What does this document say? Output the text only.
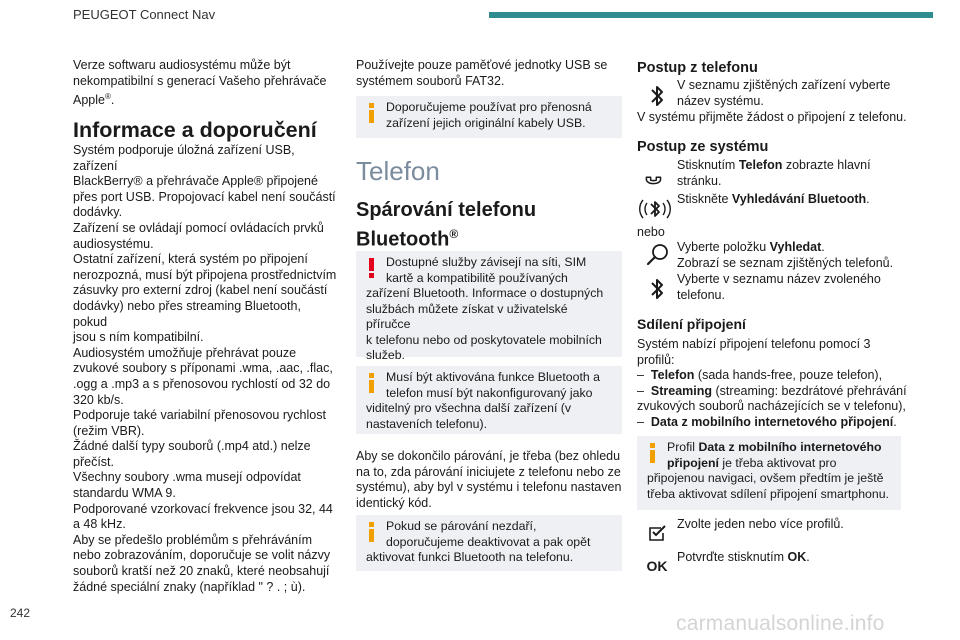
PEUGEOT Connect Nav

Verze softwaru audiosystému může být

nekompatibilní s generací Vašeho přehrávače

Apple®.

Informace a doporučení

Systém podporuje úložná zařízení USB, zařízení

BlackBerry® a přehrávače Apple® připojené

přes port USB. Propojovací kabel není součástí

dodávky.

Zařízení se ovládají pomocí ovládacích prvků

audiosystému.

Ostatní zařízení, která systém po připojení

nerozpozná, musí být připojena prostřednictvím

zásuvky pro externí zdroj (kabel není součástí

dodávky) nebo přes streaming Bluetooth, pokud

jsou s ním kompatibilní.

Audiosystém umožňuje přehrávat pouze

zvukové soubory s příponami .wma, .aac, .flac,

.ogg a .mp3 a s přenosovou rychlostí od 32 do

320 kb/s.

Podporuje také variabilní přenosovou rychlost

(režim VBR).

Žádné další typy souborů (.mp4 atd.) nelze

přečíst.

Všechny soubory .wma musejí odpovídat

standardu WMA 9.

Podporované vzorkovací frekvence jsou 32, 44

a 48 kHz.

Aby se předešlo problémům s přehráváním

nebo zobrazováním, doporučuje se volit názvy

souborů kratší než 20 znaků, které neobsahují

žádné speciální znaky (například " ? . ; ù).

Používejte pouze paměťové jednotky USB se

systémem souborů FAT32.

Doporučujeme používat pro přenosná
zařízení jejich originální kabely USB.
Telefon
Spárování telefonu
Bluetooth®
Dostupné služby závisejí na síti, SIM
kartě a kompatibilitě používaných
zařízení Bluetooth. Informace o dostupných
službách můžete získat v uživatelské příručce
k telefonu nebo od poskytovatele mobilních
služeb.
Musí být aktivována funkce Bluetooth a
telefon musí být nakonfigurovaný jako
viditelný pro všechna další zařízení (v
nastaveních telefonu).

Aby se dokončilo párování, je třeba (bez ohledu

na to, zda párování iniciujete z telefonu nebo ze

systému), aby byl v systému i telefonu nastaven

identický kód.

Pokud se párování nezdaří,
doporučujeme deaktivovat a pak opět
aktivovat funkci Bluetooth na telefonu.
Postup z telefonu
V seznamu zjištěných zařízení vyberte
název systému.
V systému přijměte žádost o připojení z telefonu.
Postup ze systému
Stisknutím Telefon zobrazte hlavní
stránku.
Stiskněte Vyhledávání Bluetooth.
nebo
Vyberte položku Vyhledat.
Zobrazí se seznam zjištěných telefonů.
Vyberte v seznamu název zvoleného
telefonu.
Sdílení připojení

Systém nabízí připojení telefonu pomocí 3

profilů:

– Telefon (sada hands-free, pouze telefon),

– Streaming (streaming: bezdrátové přehrávání

zvukových souborů nacházejících se v telefonu),

– Data z mobilního internetového připojení.

Profil Data z mobilního internetového
připojení je třeba aktivovat pro
připojenou navigaci, ovšem předtím je ještě
třeba aktivovat sdílení připojení smartphonu.
Zvolte jeden nebo více profilů.
OK
Potvrďte stisknutím OK.
242	carmanualsonline.info
